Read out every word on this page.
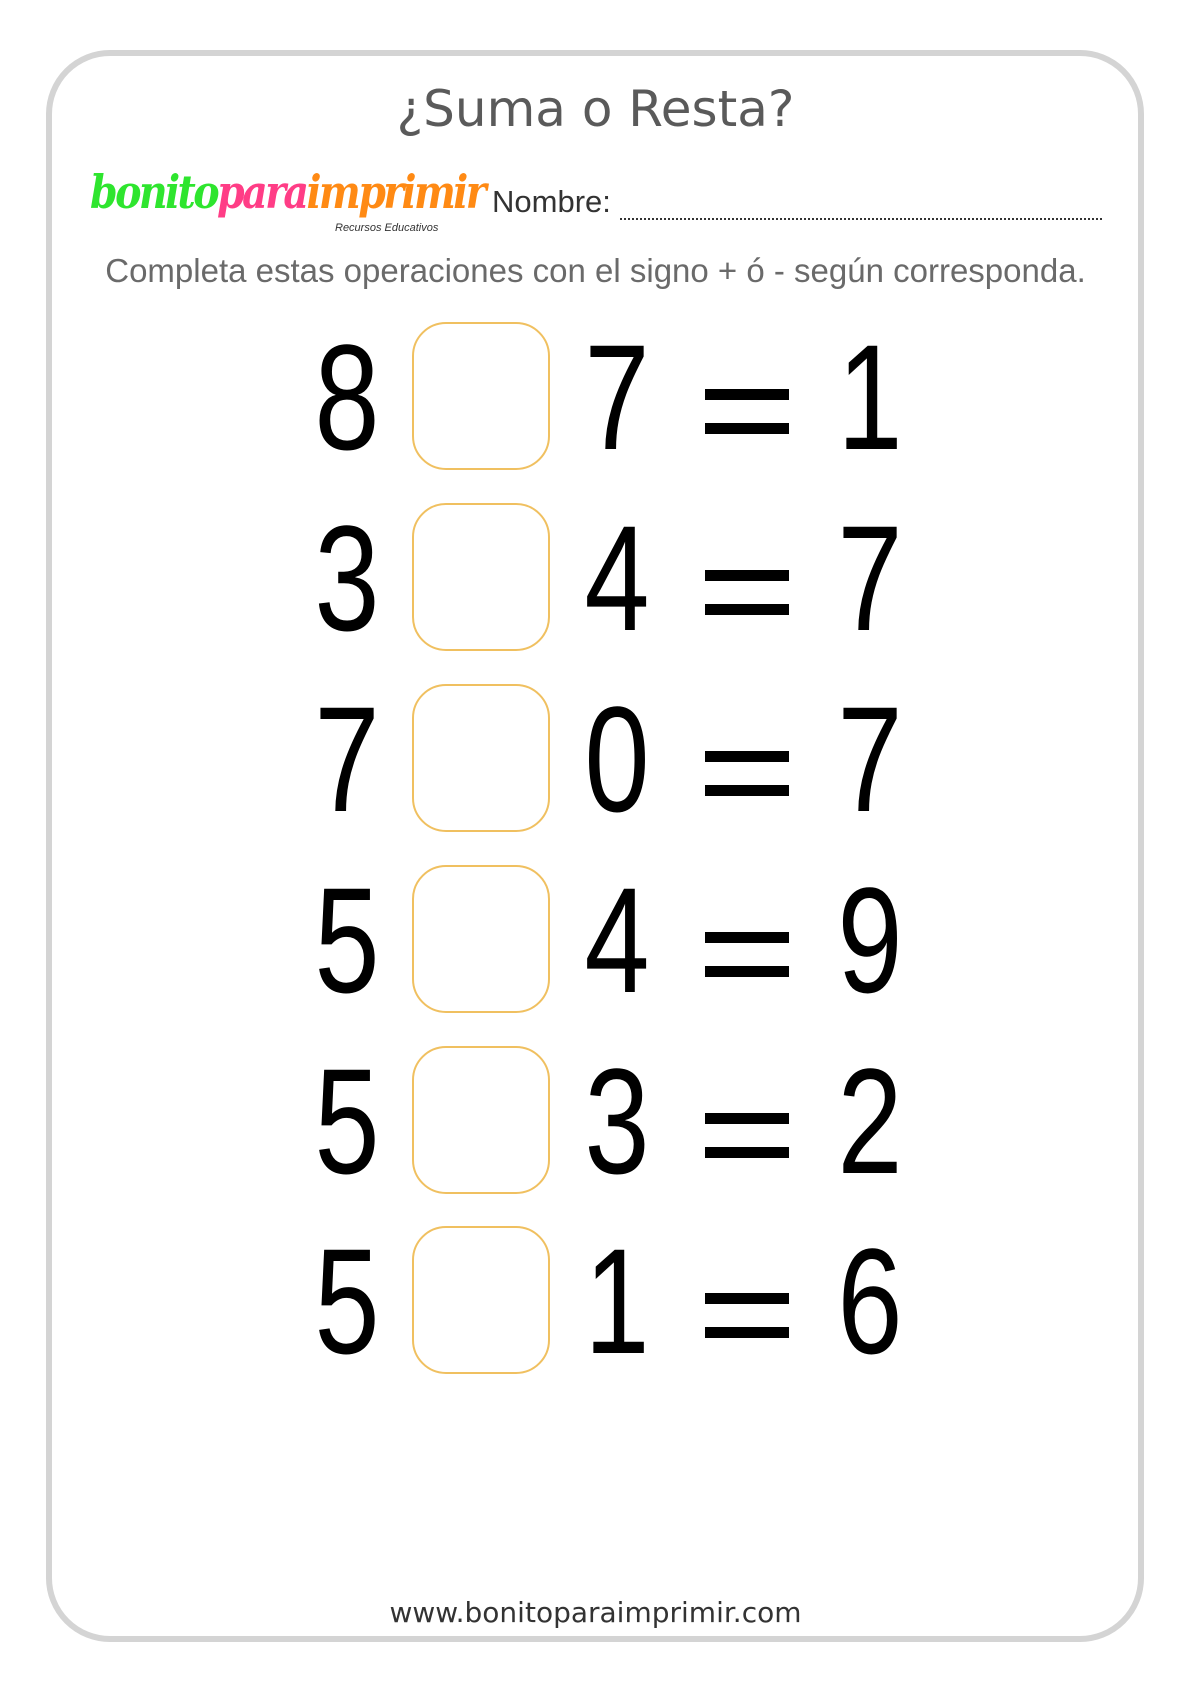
¿Suma o Resta?
bonitoparaimprimir
Recursos Educativos
Nombre:
Completa estas operaciones con el signo + ó - según corresponda.
8 7 1
3 4 7
7 0 7
5 4 9
5 3 2
5 1 6
www.bonitoparaimprimir.com
